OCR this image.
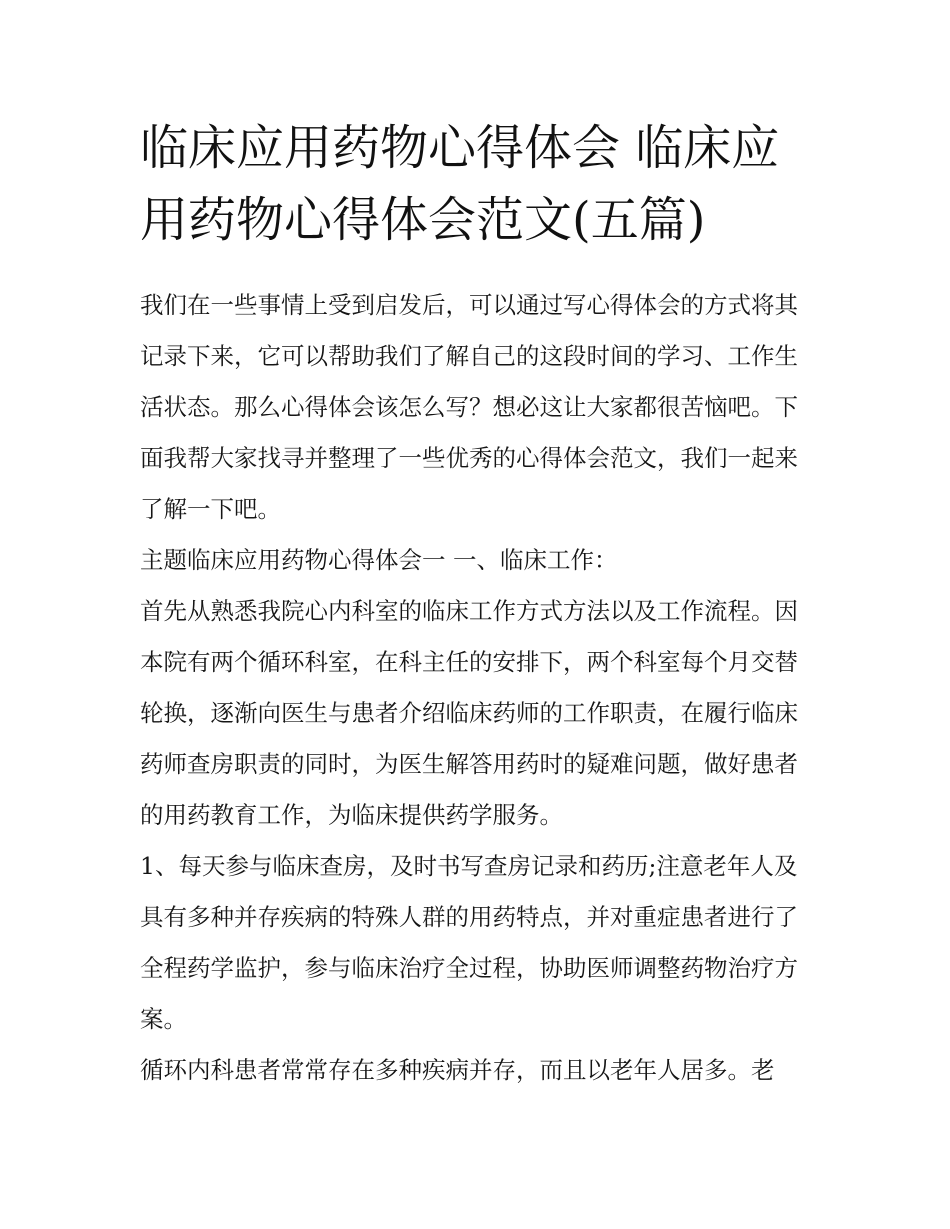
临床应用药物心得体会 临床应用药物心得体会范文(五篇)

我们在一些事情上受到启发后，可以通过写心得体会的方式将其记录下来，它可以帮助我们了解自己的这段时间的学习、工作生活状态。那么心得体会该怎么写？想必这让大家都很苦恼吧。下面我帮大家找寻并整理了一些优秀的心得体会范文，我们一起来了解一下吧。

主题临床应用药物心得体会一 一、临床工作：

首先从熟悉我院心内科室的临床工作方式方法以及工作流程。因本院有两个循环科室，在科主任的安排下，两个科室每个月交替轮换，逐渐向医生与患者介绍临床药师的工作职责，在履行临床药师查房职责的同时，为医生解答用药时的疑难问题，做好患者的用药教育工作，为临床提供药学服务。

1、每天参与临床查房，及时书写查房记录和药历;注意老年人及具有多种并存疾病的特殊人群的用药特点，并对重症患者进行了全程药学监护，参与临床治疗全过程，协助医师调整药物治疗方案。

循环内科患者常常存在多种疾病并存，而且以老年人居多。老
